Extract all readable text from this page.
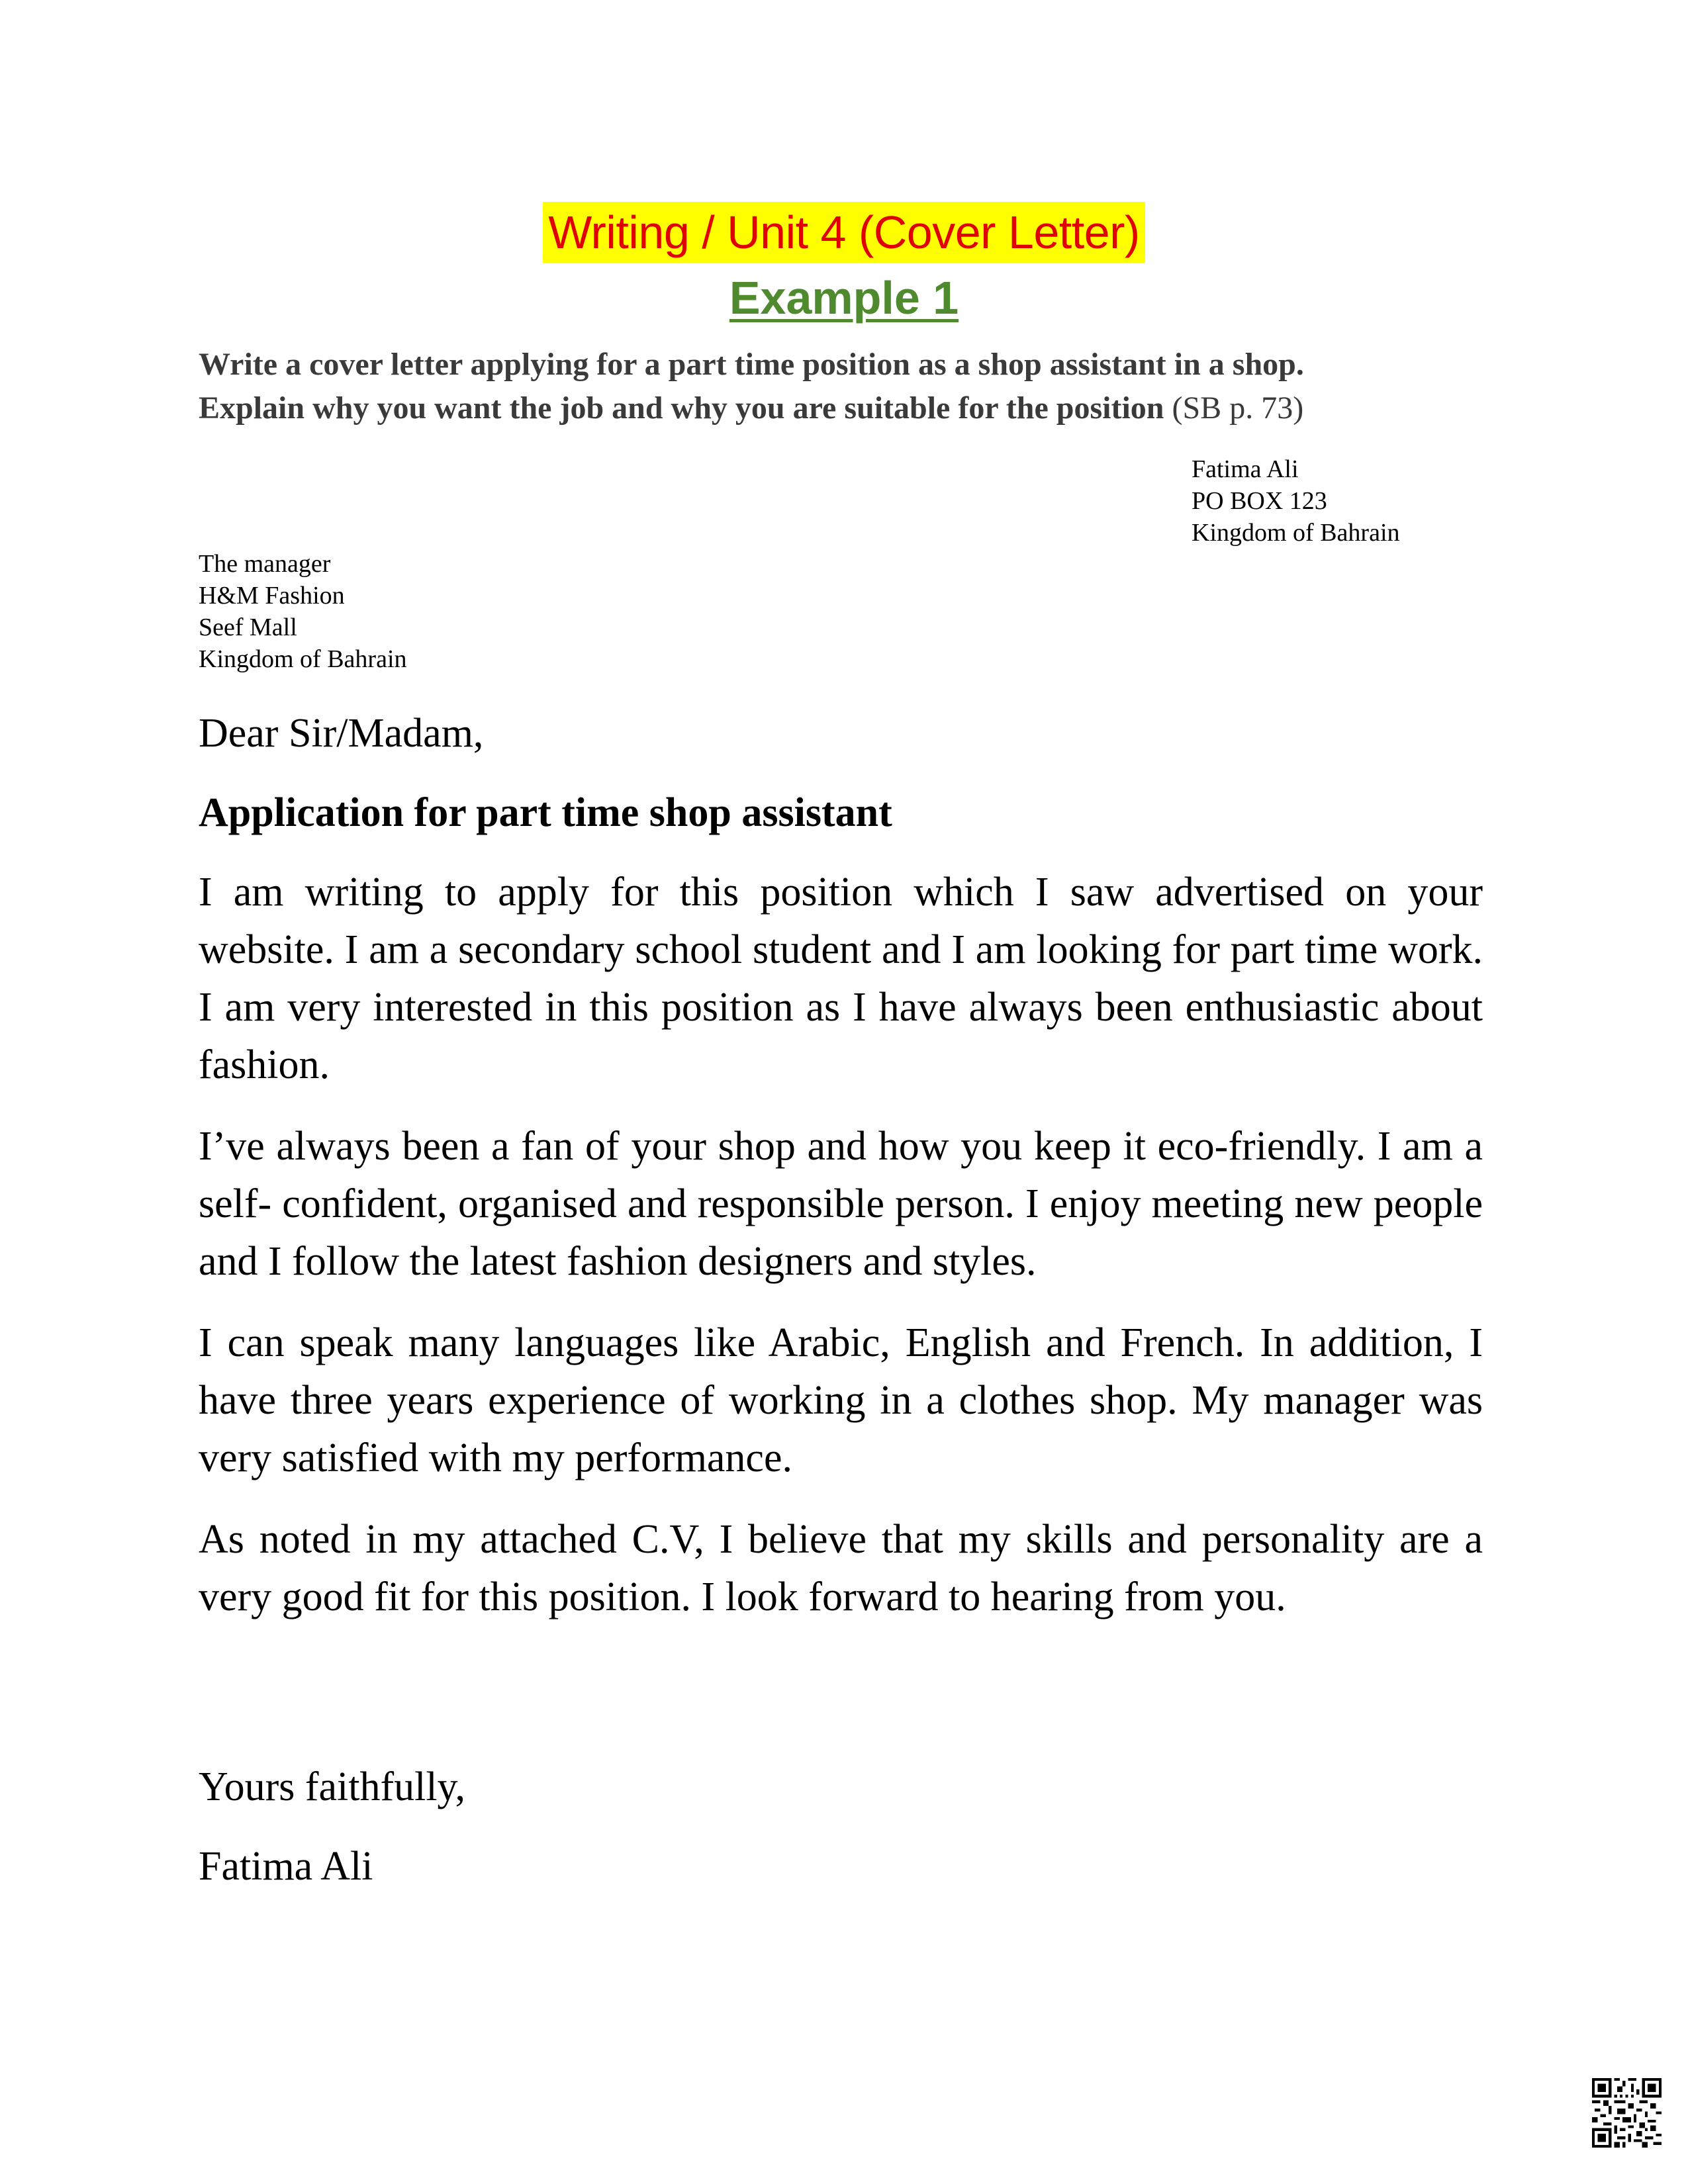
Writing / Unit 4 (Cover Letter)
Example 1
Write a cover letter applying for a part time position as a shop assistant in a shop.
Explain why you want the job and why you are suitable for the position (SB p. 73)
Fatima Ali
PO BOX 123
Kingdom of Bahrain
The manager
H&M Fashion
Seef Mall
Kingdom of Bahrain
Dear Sir/Madam,
Application for part time shop assistant

I am writing to apply for this position which I saw advertised on your website. I am a secondary school student and I am looking for part time work. I am very interested in this position as I have always been enthusiastic about fashion.

I’ve always been a fan of your shop and how you keep it eco-friendly. I am a self- confident, organised and responsible person. I enjoy meeting new people and I follow the latest fashion designers and styles.

I can speak many languages like Arabic, English and French. In addition, I have three years experience of working in a clothes shop. My manager was very satisfied with my performance.

As noted in my attached C.V, I believe that my skills and personality are a very good fit for this position. I look forward to hearing from you.

Yours faithfully,
Fatima Ali
